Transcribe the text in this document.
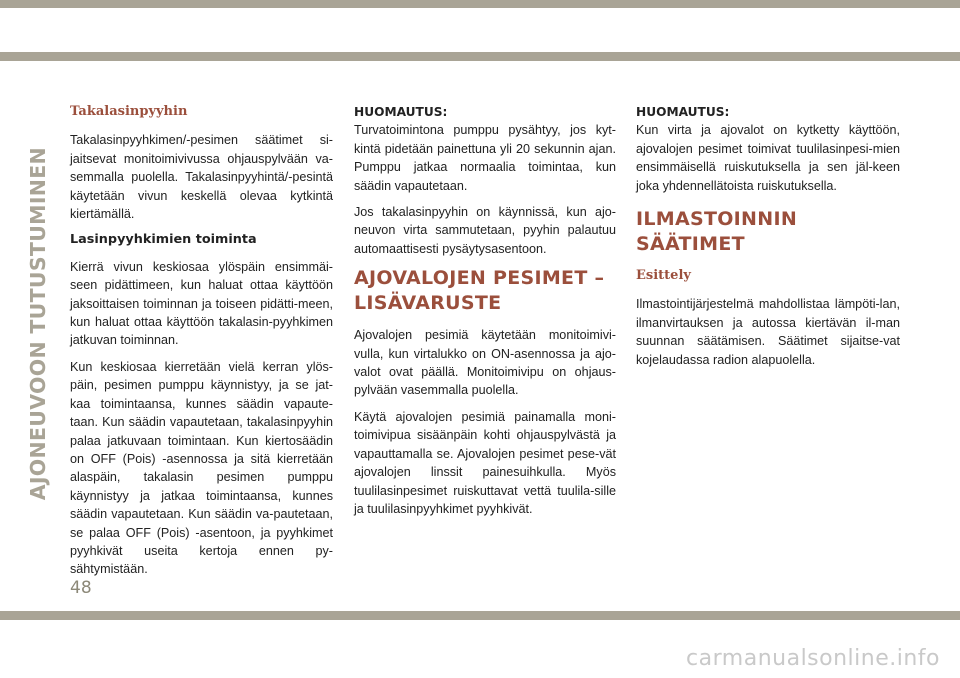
AJONEUVOON TUTUSTUMINEN
Takalasinpyyhin

Takalasinpyyhkimen/-pesimen säätimet si-jaitsevat monitoimivivussa ohjauspylvään va-semmalla puolella. Takalasinpyyhintä/-pesintä käytetään vivun keskellä olevaa kytkintä kiertämällä.

Lasinpyyhkimien toiminta

Kierrä vivun keskiosaa ylöspäin ensimmäi-seen pidättimeen, kun haluat ottaa käyttöön jaksoittaisen toiminnan ja toiseen pidätti-meen, kun haluat ottaa käyttöön takalasin-pyyhkimen jatkuvan toiminnan.

Kun keskiosaa kierretään vielä kerran ylös-päin, pesimen pumppu käynnistyy, ja se jat-kaa toimintaansa, kunnes säädin vapaute-taan. Kun säädin vapautetaan, takalasinpyyhin palaa jatkuvaan toimintaan. Kun kiertosäädin on OFF (Pois) -asennossa ja sitä kierretään alaspäin, takalasin pesimen pumppu käynnistyy ja jatkaa toimintaansa, kunnes säädin vapautetaan. Kun säädin va-pautetaan, se palaa OFF (Pois) -asentoon, ja pyyhkimet pyyhkivät useita kertoja ennen py-sähtymistään.

HUOMAUTUS:

Turvatoimintona pumppu pysähtyy, jos kyt-kintä pidetään painettuna yli 20 sekunnin ajan. Pumppu jatkaa normaalia toimintaa, kun säädin vapautetaan.

Jos takalasinpyyhin on käynnissä, kun ajo-neuvon virta sammutetaan, pyyhin palautuu automaattisesti pysäytysasentoon.

AJOVALOJEN PESIMET – LISÄVARUSTE

Ajovalojen pesimiä käytetään monitoimivi-vulla, kun virtalukko on ON-asennossa ja ajo-valot ovat päällä. Monitoimivipu on ohjaus-pylvään vasemmalla puolella.

Käytä ajovalojen pesimiä painamalla moni-toimivipua sisäänpäin kohti ohjauspylvästä ja vapauttamalla se. Ajovalojen pesimet pese-vät ajovalojen linssit painesuihkulla. Myös tuulilasinpesimet ruiskuttavat vettä tuulila-sille ja tuulilasinpyyhkimet pyyhkivät.

HUOMAUTUS:

Kun virta ja ajovalot on kytketty käyttöön, ajovalojen pesimet toimivat tuulilasinpesi-mien ensimmäisellä ruiskutuksella ja sen jäl-keen joka yhdennellätoista ruiskutuksella.

ILMASTOINNIN SÄÄTIMET
Esittely

Ilmastointijärjestelmä mahdollistaa lämpöti-lan, ilmanvirtauksen ja autossa kiertävän il-man suunnan säätämisen. Säätimet sijaitse-vat kojelaudassa radion alapuolella.

48
carmanualsonline.info
